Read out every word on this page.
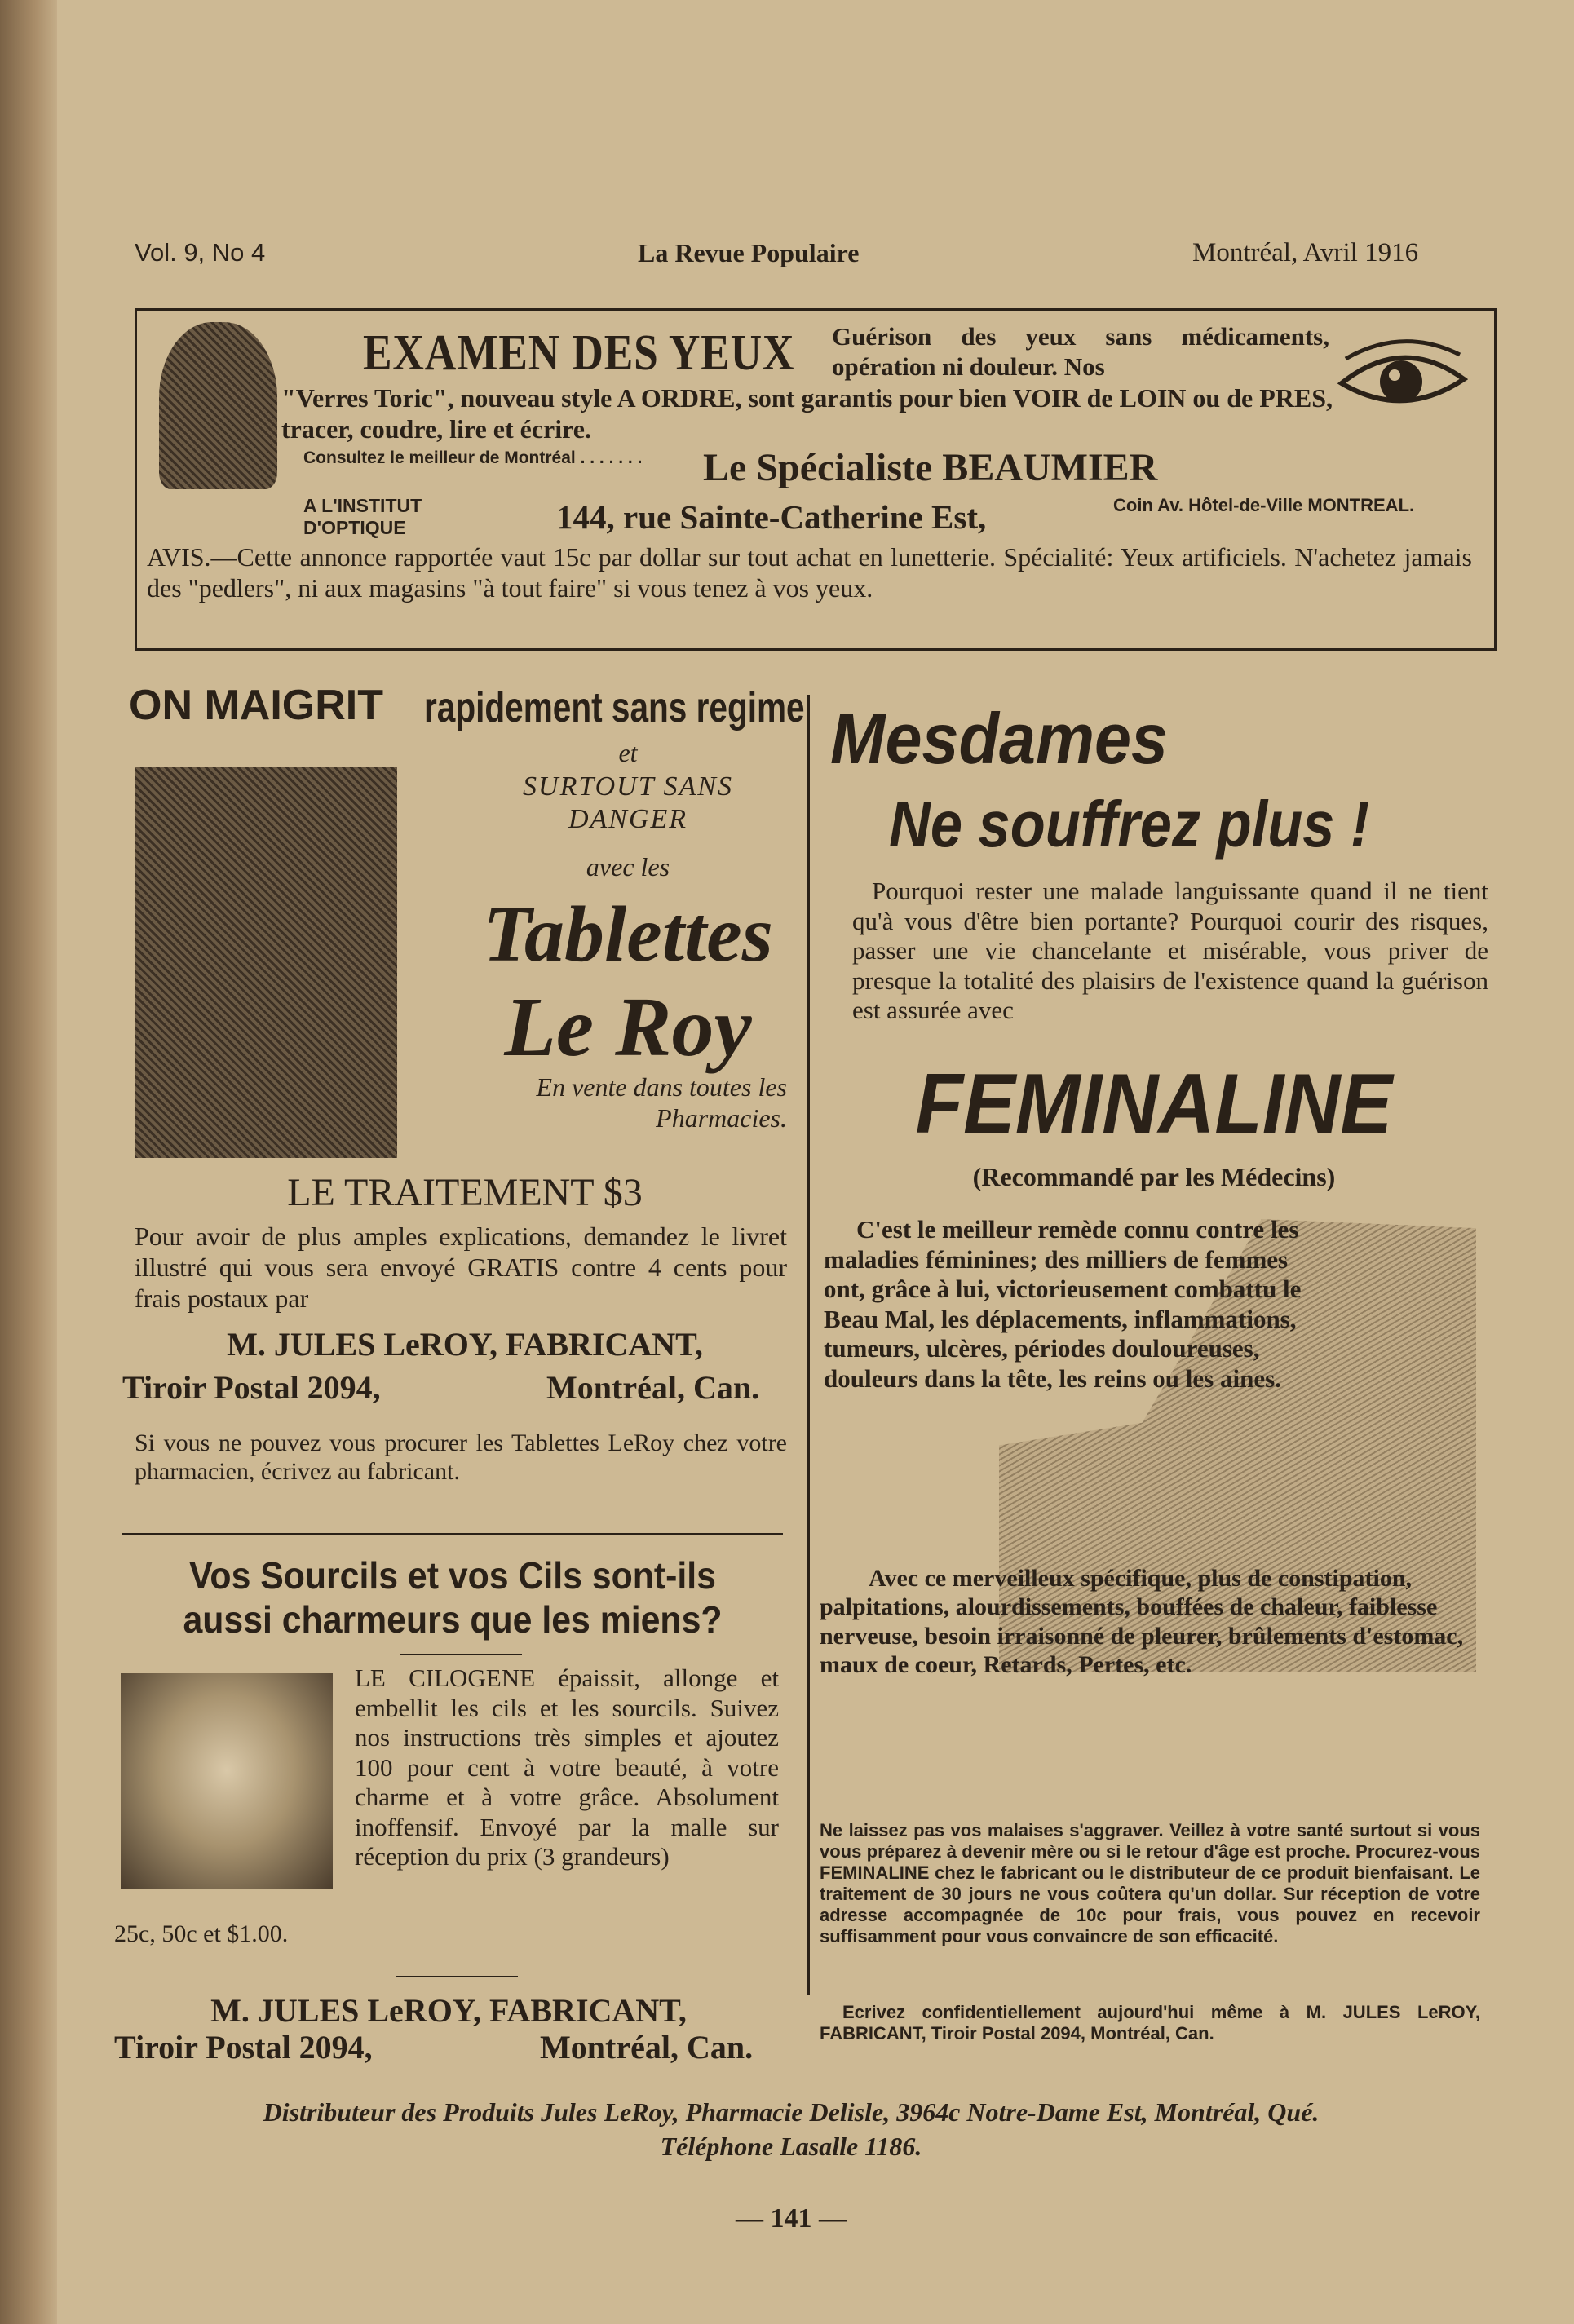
Vol. 9, No 4	La Revue Populaire	Montréal, Avril 1916
EXAMEN DES YEUX Guérison des yeux sans médicaments, opération ni douleur. Nos
"Verres Toric", nouveau style A ORDRE, sont garantis pour bien VOIR de LOIN ou de PRES, tracer, coudre, lire et écrire.
Consultez le meilleur de Montréal . . . . . . .	Le Spécialiste BEAUMIER
A L'INSTITUT D'OPTIQUE	144, rue Sainte-Catherine Est,	Coin Av. Hôtel-de-Ville MONTREAL.
AVIS.—Cette annonce rapportée vaut 15c par dollar sur tout achat en lunetterie. Spécialité: Yeux artificiels. N'achetez jamais des "pedlers", ni aux magasins "à tout faire" si vous tenez à vos yeux.
ON MAIGRIT rapidement sans regime
et
SURTOUT SANS DANGER
avec les
Tablettes
Le Roy
En vente dans toutes les Pharmacies.
LE TRAITEMENT $3
Pour avoir de plus amples explications, demandez le livret illustré qui vous sera envoyé GRATIS contre 4 cents pour frais postaux par
M. JULES LeROY, FABRICANT,
Tiroir Postal 2094,	Montréal, Can.
Si vous ne pouvez vous procurer les Tablettes LeRoy chez votre pharmacien, écrivez au fabricant.
Vos Sourcils et vos Cils sont-ils aussi charmeurs que les miens?
LE CILOGENE épaissit, allonge et embellit les cils et les sourcils. Suivez nos instructions très simples et ajoutez 100 pour cent à votre beauté, à votre charme et à votre grâce. Absolument inoffensif. Envoyé par la malle sur réception du prix (3 grandeurs)
25c, 50c et $1.00.
M. JULES LeROY, FABRICANT,
Tiroir Postal 2094,	Montréal, Can.
Mesdames
Ne souffrez plus !
Pourquoi rester une malade languissante quand il ne tient qu'à vous d'être bien portante? Pourquoi courir des risques, passer une vie chancelante et misérable, vous priver de presque la totalité des plaisirs de l'existence quand la guérison est assurée avec
FEMINALINE
(Recommandé par les Médecins)
C'est le meilleur remède connu contre les maladies féminines; des milliers de femmes ont, grâce à lui, victorieusement combattu le Beau Mal, les déplacements, inflammations, tumeurs, ulcères, périodes douloureuses, douleurs dans la tête, les reins ou les aines.
Avec ce merveilleux spécifique, plus de constipation, palpitations, alourdissements, bouffées de chaleur, faiblesse nerveuse, besoin irraisonné de pleurer, brûlements d'estomac, maux de coeur, Retards, Pertes, etc.
Ne laissez pas vos malaises s'aggraver. Veillez à votre santé surtout si vous vous préparez à devenir mère ou si le retour d'âge est proche. Procurez-vous FEMINALINE chez le fabricant ou le distributeur de ce produit bienfaisant. Le traitement de 30 jours ne vous coûtera qu'un dollar. Sur réception de votre adresse accompagnée de 10c pour frais, vous pouvez en recevoir suffisamment pour vous convaincre de son efficacité.
Ecrivez confidentiellement aujourd'hui même à M. JULES LeROY, FABRICANT, Tiroir Postal 2094, Montréal, Can.
Distributeur des Produits Jules LeRoy, Pharmacie Delisle, 3964c Notre-Dame Est, Montréal, Qué.
Téléphone Lasalle 1186.
— 141 —
